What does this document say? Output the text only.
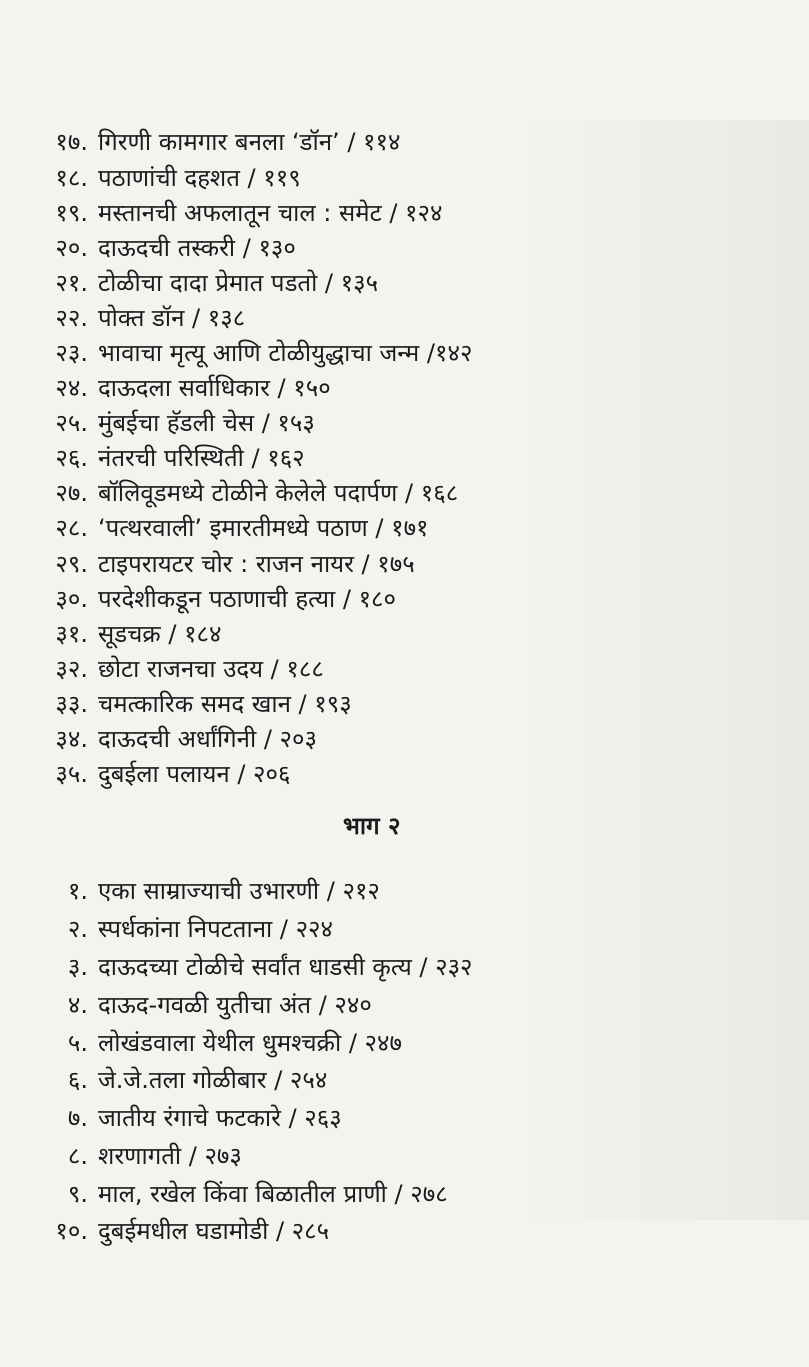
१७. गिरणी कामगार बनला ‘डॉन’ / ११४
१८. पठाणांची दहशत / ११९
१९. मस्तानची अफलातून चाल : समेट / १२४
२०. दाऊदची तस्करी / १३०
२१. टोळीचा दादा प्रेमात पडतो / १३५
२२. पोक्त डॉन / १३८
२३. भावाचा मृत्यू आणि टोळीयुद्धाचा जन्म /१४२
२४. दाऊदला सर्वाधिकार / १५०
२५. मुंबईचा हॅडली चेस / १५३
२६. नंतरची परिस्थिती / १६२
२७. बॉलिवूडमध्ये टोळीने केलेले पदार्पण / १६८
२८. ‘पत्थरवाली’ इमारतीमध्ये पठाण / १७१
२९. टाइपरायटर चोर : राजन नायर / १७५
३०. परदेशीकडून पठाणाची हत्या / १८०
३१. सूडचक्र / १८४
३२. छोटा राजनचा उदय / १८८
३३. चमत्कारिक समद खान / १९३
३४. दाऊदची अर्धांगिनी / २०३
३५. दुबईला पलायन / २०६
भाग २
१. एका साम्राज्याची उभारणी / २१२
२. स्पर्धकांना निपटताना / २२४
३. दाऊदच्या टोळीचे सर्वांत धाडसी कृत्य / २३२
४. दाऊद-गवळी युतीचा अंत / २४०
५. लोखंडवाला येथील धुमश्चक्री / २४७
६. जे.जे.तला गोळीबार / २५४
७. जातीय रंगाचे फटकारे / २६३
८. शरणागती / २७३
९. माल, रखेल किंवा बिळातील प्राणी / २७८
१०. दुबईमधील घडामोडी / २८५
